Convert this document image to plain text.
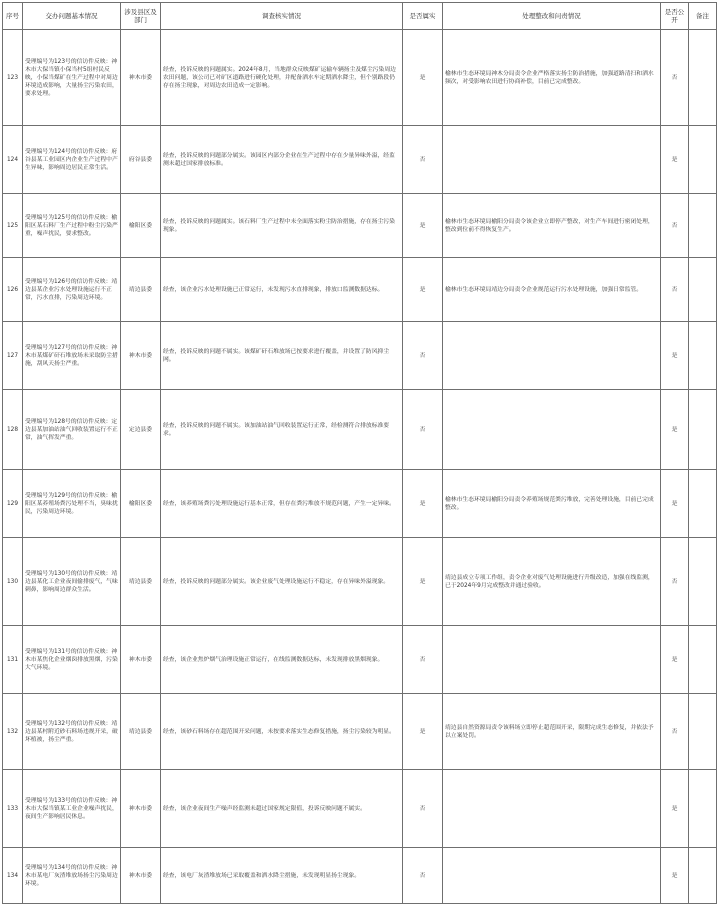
序号	交办问题基本情况	涉及县区及部门	调查核实情况	是否属实	处理整改和问责情况	是否公开	备注
123	受理编号为123号的信访件反映：神木市大保当镇小保当村5组村民反映，小保当煤矿在生产过程中对周边环境造成影响，大量扬尘污染农田，要求处理。	神木市委	经查，投诉反映的问题属实。2024年8月，当地群众反映煤矿运输车辆扬尘及煤尘污染周边农田问题，该公司已对矿区道路进行硬化处理，并配备洒水车定期洒水降尘，但个别路段仍存在扬尘现象，对周边农田造成一定影响。	是	榆林市生态环境局神木分局责令企业严格落实扬尘防治措施，加强道路清扫和洒水频次，对受影响农田进行协商补偿，目前已完成整改。	否	
124	受理编号为124号的信访件反映：府谷县某工业园区内企业生产过程中产生异味，影响周边居民正常生活。	府谷县委	经查，投诉反映的问题部分属实。该园区内部分企业在生产过程中存在少量异味外溢，经监测未超过国家排放标准。	否		是	
125	受理编号为125号的信访件反映：榆阳区某石料厂生产过程中粉尘污染严重，噪声扰民，要求整改。	榆阳区委	经查，投诉反映的问题属实。该石料厂生产过程中未全面落实粉尘防治措施，存在扬尘污染现象。	是	榆林市生态环境局榆阳分局责令该企业立即停产整改，对生产车间进行密闭处理，整改到位前不得恢复生产。	否	
126	受理编号为126号的信访件反映：靖边县某企业污水处理设施运行不正常，污水直排，污染周边环境。	靖边县委	经查，该企业污水处理设施已正常运行，未发现污水直排现象，排放口监测数据达标。	是	榆林市生态环境局靖边分局责令企业规范运行污水处理设施，加强日常监管。	否	
127	受理编号为127号的信访件反映：神木市某煤矿矸石堆放场未采取防尘措施，刮风天扬尘严重。	神木市委	经查，投诉反映的问题不属实。该煤矿矸石堆放场已按要求进行覆盖，并设置了防风抑尘网。	否		是	
128	受理编号为128号的信访件反映：定边县某加油站油气回收装置运行不正常，油气挥发严重。	定边县委	经查，投诉反映的问题不属实。该加油站油气回收装置运行正常，经检测符合排放标准要求。	否		是	
129	受理编号为129号的信访件反映：榆阳区某养殖场粪污处理不当，臭味扰民，污染周边环境。	榆阳区委	经查，该养殖场粪污处理设施运行基本正常，但存在粪污堆放不规范问题，产生一定异味。	是	榆林市生态环境局榆阳分局责令养殖场规范粪污堆放，完善处理设施，目前已完成整改。	是	
130	受理编号为130号的信访件反映：靖边县某化工企业夜间偷排废气，气味刺鼻，影响周边群众生活。	靖边县委	经查，投诉反映的问题部分属实。该企业废气处理设施运行不稳定，存在异味外溢现象。	是	靖边县成立专项工作组，责令企业对废气处理设施进行升级改造，加强在线监测，已于2024年9月完成整改并通过验收。	否	
131	受理编号为131号的信访件反映：神木市某焦化企业烟囱排放黑烟，污染大气环境。	神木市委	经查，该企业焦炉烟气治理设施正常运行，在线监测数据达标，未发现排放黑烟现象。	否		是	
132	受理编号为132号的信访件反映：靖边县某村附近砂石料场违规开采，破坏植被，扬尘严重。	靖边县委	经查，该砂石料场存在超范围开采问题，未按要求落实生态修复措施，扬尘污染较为明显。	是	靖边县自然资源局责令该料场立即停止超范围开采，限期完成生态修复，并依法予以立案处罚。	否	
133	受理编号为133号的信访件反映：神木市大保当镇某工业企业噪声扰民，夜间生产影响居民休息。	神木市委	经查，该企业夜间生产噪声经监测未超过国家规定限值，投诉反映问题不属实。	否		是	
134	受理编号为134号的信访件反映：神木市某电厂灰渣堆放场扬尘污染周边环境。	神木市委	经查，该电厂灰渣堆放场已采取覆盖和洒水降尘措施，未发现明显扬尘现象。	否		是	
